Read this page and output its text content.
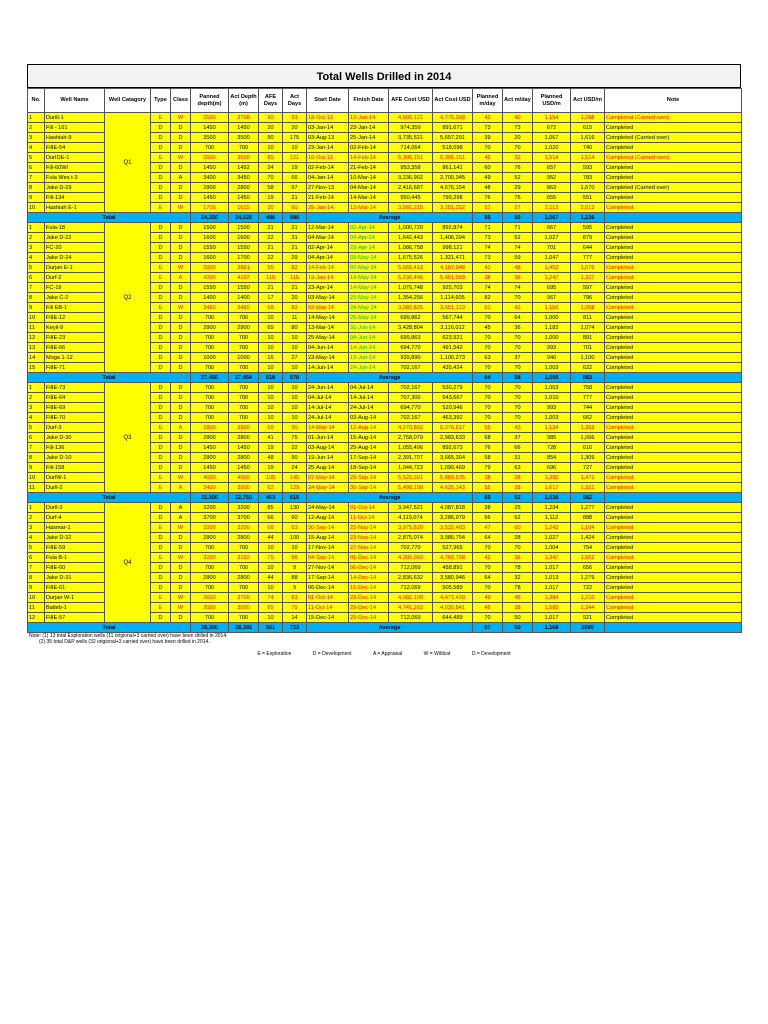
Total Wells Drilled in 2014
No.	Well Name	Well Catagory	Type	Class	Panned depth(m)	Act Depth (m)	AFE Days	Act Days	Start Date	Finish Date	AFE Cost USD	Act Cost USD	Planned m/day	Act m/day	Planned USD/m	Act USD/m	Note
1	Durili-1	Q1	E	W	3500	3708	90	93	18-Oct-13	19-Jan-14	4,500,121	4,775,368	43	40	1,154	1,288	Completed (Carried over)
2	Fili - 161		D	D	1450	1450	20	20	03-Jan-14	23-Jan-14	974,359	891,671	73	73	672	615	Completed
3	Hashiah-9		D	D	3500	3500	90	175	03-Aug-13	25-Jan-14	3,735,521	5,657,291	39	20	1,067	1,616	Completed (Carried over)
4	FilIE-54		D	D	700	700	10	10	23-Jan-14	02-Feb-14	714,064	518,098	70	70	1,020	740	Completed
5	DurIDE-1		E	W	3500	3500	85	121	16-Oct-13	14-Feb-14	5,306,151	5,305,151	46	32	1,514	1,514	Completed (Carried over)
6	Fili-60WI		D	D	1450	1452	24	19	02-Feb-14	21-Feb-14	953,358	861,141	60	76	657	593	Completed
7	Fula Wes t-3		D	A	3400	3450	70	66	04-Jan-14	10-Mar-14	3,236,902	2,700,345	49	52	952	783	Completed
8	Jake D-29		D	D	2800	2800	58	97	27-Nov-13	04-Mar-14	2,416,687	4,676,154	48	29	863	1,670	Completed (Carried over)
9	Fili-134		D	D	1450	1450	19	21	21-Feb-14	14-Mar-14	950,445	799,298	76	76	655	551	Completed
10	Hashiah E-1		E	W	1700	1615	30	60	25-Jan-14	13-Mar-14	3,592,215	3,251,252	57	27	2,113	2,013	Completed
Total					24,250	24,026	486	680	Average				55	50	1,067	1,136	
1	Fula-18	Q2	D	D	1500	1500	21	21	12-Mar-14	02-Apr-14	1,000,720	892,874	71	71	667	595	Completed
2	Jake D-22		D	D	1600	1600	22	31	04-Mar-14	04-Apr-14	1,642,443	1,406,294	73	52	1,027	879	Completed
3	FC-20		D	D	1550	1550	21	21	02-Apr-14	23-Apr-14	1,086,758	998,121	74	74	701	644	Completed
4	Jake D-24		D	D	1600	1700	22	29	04-Apr-14	03-May-14	1,675,526	1,321,471	73	59	1,047	777	Completed
5	Durjan E-1		E	W	3900	3891	95	82	14-Feb-14	07-May-14	5,665,413	4,187,948	41	48	1,453	1,076	Completed
6	Durf-2		E	A	4200	4107	110	115	19-Jan-14	14-May-14	5,236,446	5,451,059	38	36	1,247	1,327	Completed
7	FC-19		D	D	1550	1550	21	21	23-Apr-14	14-May-14	1,076,748	925,703	74	74	695	597	Completed
8	Jake C-2		D	D	1400	1400	17	20	03-May-14	23-May-14	1,354,256	1,114,605	82	70	967	796	Completed
9	Fili EB-1		E	W	3450	3450	68	82	03-Mar-14	24-May-14	3,989,825	3,651,123	51	42	1,156	1,058	Completed
10	FilIE-12		D	D	700	700	10	11	14-May-14	25-May-14	699,862	567,744	70	64	1,000	811	Completed
11	Keyil-9		D	D	2900	2900	65	80	13-Mar-14	31-Jun-14	3,428,804	3,116,012	45	36	1,182	1,074	Completed
12	FilIE-23		D	D	700	700	10	10	25-May-14	04-Jun-14	699,863	623,921	70	70	1,000	891	Completed
13	FilIE-66		D	D	700	700	10	10	04-Jun-14	14-Jun-14	694,770	491,542	70	70	993	701	Completed
14	Moga 1-12		D	D	1000	1000	16	27	23-May-14	19-Jun-14	939,890	1,100,273	63	37	940	1,100	Completed
15	FilIE-71		D	D	700	700	10	10	14-Jun-14	24-Jun-14	702,167	435,424	70	70	1,003	622	Completed
Total					27,450	27,454	518	570	Average				64	58	1,005	883	
1	FilIE-73	Q3	D	D	700	700	10	10	24-Jun-14	04-Jul-14	702,167	530,279	70	70	1,003	758	Completed
2	FilIE-64		D	D	700	700	10	10	04-Jul-14	14-Jul-14	707,300	543,667	70	70	1,010	777	Completed
3	FilIE-69		D	D	700	700	10	10	14-Jul-14	24-Jul-14	694,770	520,946	70	70	993	744	Completed
4	FilIE-70		D	D	700	700	10	10	24-Jul-14	03-Aug-14	702,167	463,392	70	70	1,003	662	Completed
5	Durf-3		E	A	3800	3900	69	90	14-May-14	12-Aug-14	4,270,802	5,276,617	55	43	1,124	1,353	Completed
6	Jake D-30		D	D	2800	2800	41	75	01-Jun-14	15-Aug-14	2,758,079	2,983,633	68	37	985	1,066	Completed
7	Fili-136		D	D	1450	1450	19	22	03-Aug-14	25-Aug-14	1,055,496	892,673	76	66	728	616	Completed
8	Jake D-10		D	D	2800	2800	48	90	19-Jun-14	17-Sep-14	2,391,707	3,665,304	58	31	854	1,309	Completed
9	Fili-158		D	D	1450	1450	19	24	25-Aug-14	18-Sep-14	1,044,723	1,090,469	79	63	696	727	Completed
10	DurlW-1		E	W	4000	4000	105	145	07-May-14	29-Sep-14	5,520,391	5,883,575	38	28	1,380	1,471	Completed
11	Durll-2		E	A	3400	3500	62	129	24-May-14	30-Sep-14	5,498,198	4,625,143	55	28	1,617	1,321	Completed
Total					22,500	22,750	403	615	Average				65	52	1,036	982	
1	Durll-3	Q4	D	A	3200	3200	85	130	24-May-14	01-Oct-14	3,947,521	4,087,818	38	25	1,234	1,277	Completed
2	Durf-4		D	A	3700	3700	66	60	12-Aug-14	11-Oct-14	4,115,074	3,286,979	56	62	1,112	888	Completed
3	Hasmar-1		E	W	3200	3200	68	53	30-Sep-14	22-Nov-14	3,975,620	3,532,483	47	60	1,242	1,104	Completed
4	Jake D-32		D	D	2800	2800	44	100	15-Aug-14	23-Nov-14	2,875,074	3,986,754	64	28	1,027	1,424	Completed
5	FilIE-59		D	D	700	700	10	10	17-Nov-14	27-Nov-14	702,770	527,965	70	70	1,004	754	Completed
6	Fula B-1		E	W	3200	3192	75	88	04-Sep-14	01-Dec-14	4,309,093	4,793,768	43	36	1,347	1,502	Completed
7	FilIE-60		D	D	700	700	10	9	27-Nov-14	06-Dec-14	712,069	458,891	70	78	1,017	656	Completed
8	Jake D-31		D	D	2800	2800	44	88	17-Sep-14	14-Dec-14	2,836,632	3,580,946	64	32	1,013	1,279	Completed
9	FilIE-61		D	D	700	700	10	9	06-Dec-14	15-Dec-14	712,069	505,589	70	78	1,017	722	Completed
10	Durjan W-1		E	W	3600	3700	74	83	01-Oct-14	23-Dec-14	4,982,109	4,477,420	49	45	1,384	1,210	Completed
11	Batleb-1		E	W	3000	3000	65	79	11-Oct-14	29-Dec-14	4,741,262	4,030,541	46	38	1,580	1,344	Completed
12	FilIE-57		D	D	700	700	10	14	15-Dec-14	29-Dec-14	712,069	644,489	70	50	1,017	921	Completed
Total					28,300	28,392	561	723	Average				57	50	1,168	1090	
Note: (1) 13 total Exploration wells (11 origional+3 carried over) have been drilled in 2014.
(2) 35 total D&P wells (32 origional+3 carried over) have been drilled in 2014.
E = Exploration	D = Development	A = Appraisal	W = Wildcat	D = Development
